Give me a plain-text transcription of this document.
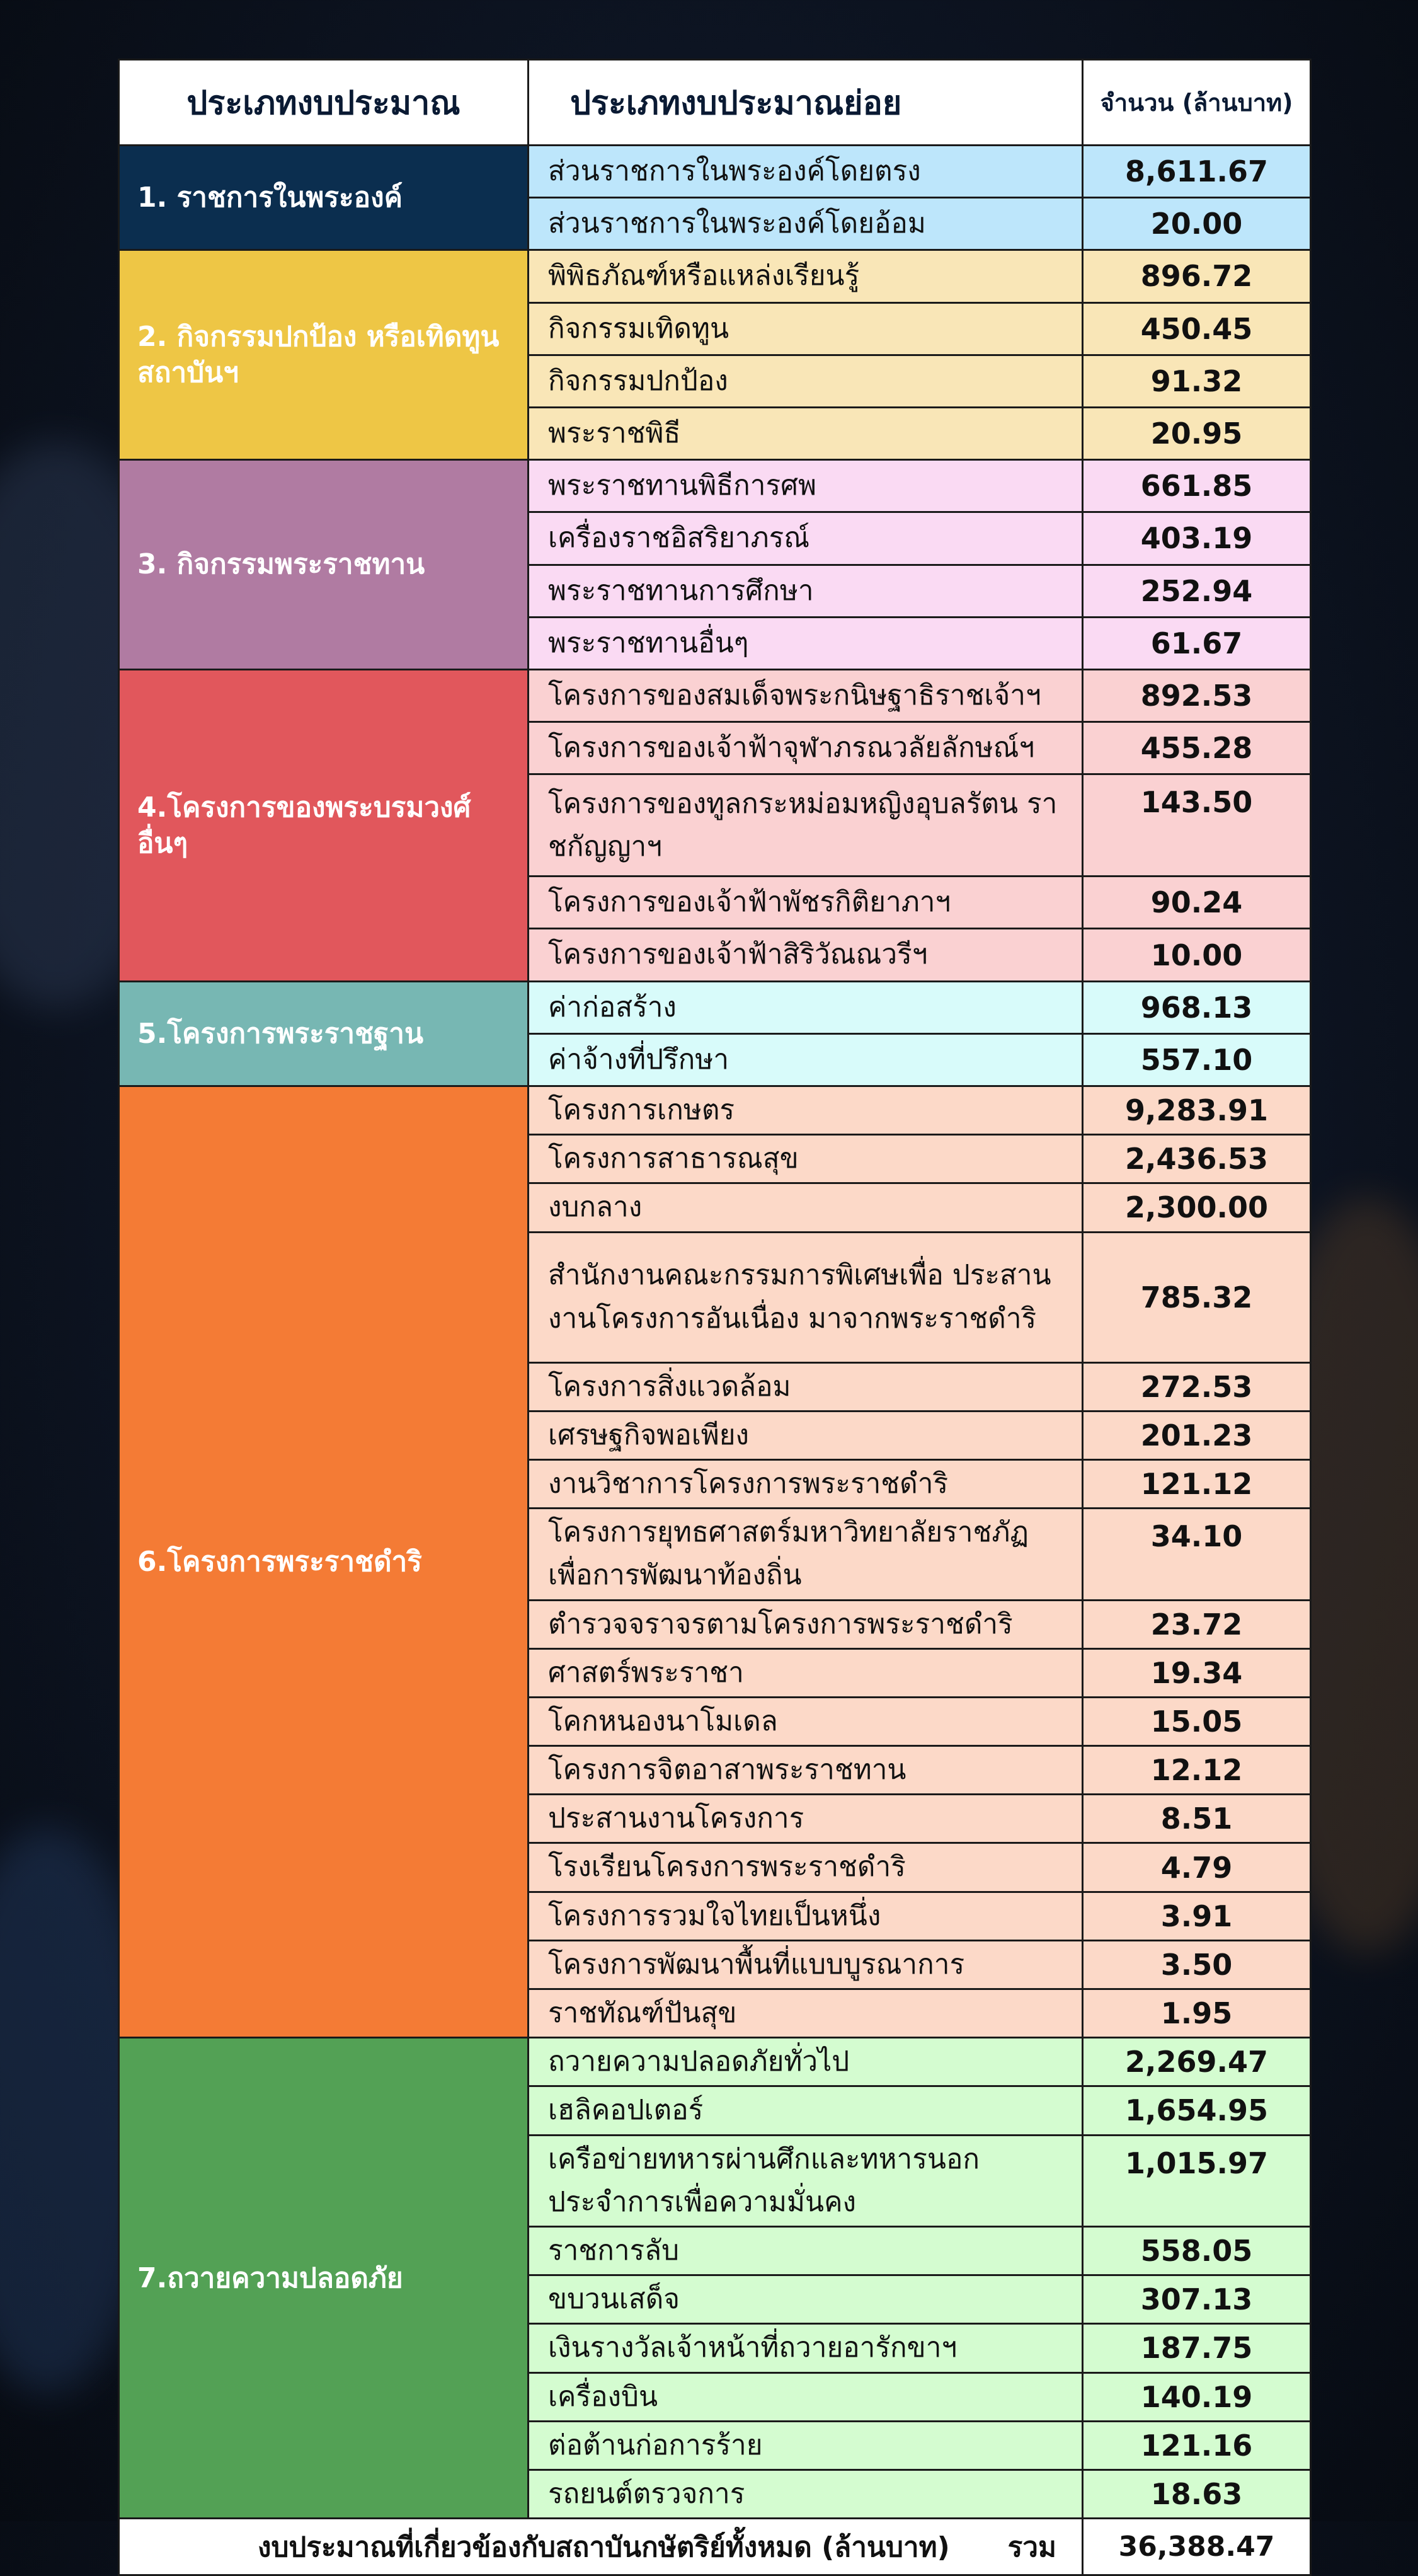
ประเภทงบประมาณ	ประเภทงบประมาณย่อย	จำนวน (ล้านบาท)
1. ราชการในพระองค์	ส่วนราชการในพระองค์โดยตรง	8,611.67
	ส่วนราชการในพระองค์โดยอ้อม	20.00
2. กิจกรรมปกป้อง หรือเทิดทูนสถาบันฯ	พิพิธภัณฑ์หรือแหล่งเรียนรู้	896.72
	กิจกรรมเทิดทูน	450.45
	กิจกรรมปกป้อง	91.32
	พระราชพิธี	20.95
3. กิจกรรมพระราชทาน	พระราชทานพิธีการศพ	661.85
	เครื่องราชอิสริยาภรณ์	403.19
	พระราชทานการศึกษา	252.94
	พระราชทานอื่นๆ	61.67
4.โครงการของพระบรมวงศ์ อื่นๆ	โครงการของสมเด็จพระกนิษฐาธิราชเจ้าฯ	892.53
	โครงการของเจ้าฟ้าจุฬาภรณวลัยลักษณ์ฯ	455.28
	โครงการของทูลกระหม่อมหญิงอุบลรัตน ราชกัญญาฯ	143.50
	โครงการของเจ้าฟ้าพัชรกิติยาภาฯ	90.24
	โครงการของเจ้าฟ้าสิริวัณณวรีฯ	10.00
5.โครงการพระราชฐาน	ค่าก่อสร้าง	968.13
	ค่าจ้างที่ปรึกษา	557.10
6.โครงการพระราชดำริ	โครงการเกษตร	9,283.91
	โครงการสาธารณสุข	2,436.53
	งบกลาง	2,300.00
	สำนักงานคณะกรรมการพิเศษเพื่อ ประสานงานโครงการอันเนื่อง มาจากพระราชดำริ	785.32
	โครงการสิ่งแวดล้อม	272.53
	เศรษฐกิจพอเพียง	201.23
	งานวิชาการโครงการพระราชดำริ	121.12
	โครงการยุทธศาสตร์มหาวิทยาลัยราชภัฏ เพื่อการพัฒนาท้องถิ่น	34.10
	ตำรวจจราจรตามโครงการพระราชดำริ	23.72
	ศาสตร์พระราชา	19.34
	โคกหนองนาโมเดล	15.05
	โครงการจิตอาสาพระราชทาน	12.12
	ประสานงานโครงการ	8.51
	โรงเรียนโครงการพระราชดำริ	4.79
	โครงการรวมใจไทยเป็นหนึ่ง	3.91
	โครงการพัฒนาพื้นที่แบบบูรณาการ	3.50
	ราชทัณฑ์ปันสุข	1.95
7.ถวายความปลอดภัย	ถวายความปลอดภัยทั่วไป	2,269.47
	เฮลิคอปเตอร์	1,654.95
	เครือข่ายทหารผ่านศึกและทหารนอก ประจำการเพื่อความมั่นคง	1,015.97
	ราชการลับ	558.05
	ขบวนเสด็จ	307.13
	เงินรางวัลเจ้าหน้าที่ถวายอารักขาฯ	187.75
	เครื่องบิน	140.19
	ต่อต้านก่อการร้าย	121.16
	รถยนต์ตรวจการ	18.63
งบประมาณที่เกี่ยวข้องกับสถาบันกษัตริย์ทั้งหมด (ล้านบาท) รวม		36,388.47
